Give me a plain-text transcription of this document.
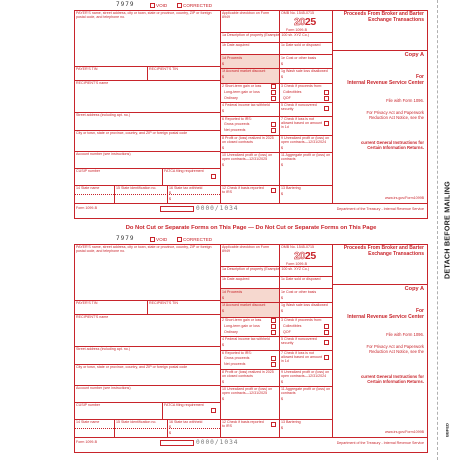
7979	VOID	CORRECTED
PAYER'S name, street address, city or town, state or province, country, ZIP or foreign postal code, and telephone no.
PAYER'S TIN	RECIPIENT'S TIN
RECIPIENT'S name
Street address (including apt. no.)
City or town, state or province, country, and ZIP or foreign postal code
Account number (see instructions)
CUSIP number	FATCA filing requirement
14 State name	15 State identification no.	16 State tax withheld
$
$
Applicable checkbox on Form 8949
OMB No. 1545-0715
2025
Form 1099-B
Proceeds From Broker and Barter Exchange Transactions
1a Description of property (Example: 100 sh. XYZ Co.)
1b Date acquired	1c Date sold or disposed
1d Proceeds
$
1e Cost or other basis
$
1f Accrued market discount
$
1g Wash sale loss disallowed
$
2 Short-term gain or loss
Long-term gain or loss
Ordinary
3 Check if proceeds from:
Collectibles
QOF
4 Federal income tax withheld
$
5 Check if noncovered security
6 Reported to IRS:
Gross proceeds
Net proceeds
7 Check if loss is not allowed based on amount in 1d
8 Profit or (loss) realized in 2025 on closed contracts
$
9 Unrealized profit or (loss) on open contracts—12/31/2024
$
10 Unrealized profit or (loss) on open contracts—12/31/2025
$
11 Aggregate profit or (loss) on contracts
$
12 Check if basis reported to IRS
13 Bartering
$
Copy A
For
Internal Revenue Service Center
File with Form 1096.
For Privacy Act and Paperwork Reduction Act Notice, see the
current General Instructions for Certain Information Returns.
www.irs.gov/Form1099B
Form 1099-B	0000/1034	Department of the Treasury - Internal Revenue Service
7979	VOID	CORRECTED
PAYER'S name, street address, city or town, state or province, country, ZIP or foreign postal code, and telephone no.
PAYER'S TIN	RECIPIENT'S TIN
RECIPIENT'S name
Street address (including apt. no.)
City or town, state or province, country, and ZIP or foreign postal code
Account number (see instructions)
CUSIP number	FATCA filing requirement
14 State name	15 State identification no.	16 State tax withheld
$
$
Applicable checkbox on Form 8949
OMB No. 1545-0715
2025
Form 1099-B
Proceeds From Broker and Barter Exchange Transactions
1a Description of property (Example: 100 sh. XYZ Co.)
1b Date acquired	1c Date sold or disposed
1d Proceeds
$
1e Cost or other basis
$
1f Accrued market discount
$
1g Wash sale loss disallowed
$
2 Short-term gain or loss
Long-term gain or loss
Ordinary
3 Check if proceeds from:
Collectibles
QOF
4 Federal income tax withheld
$
5 Check if noncovered security
6 Reported to IRS:
Gross proceeds
Net proceeds
7 Check if loss is not allowed based on amount in 1d
8 Profit or (loss) realized in 2025 on closed contracts
$
9 Unrealized profit or (loss) on open contracts—12/31/2024
$
10 Unrealized profit or (loss) on open contracts—12/31/2025
$
11 Aggregate profit or (loss) on contracts
$
12 Check if basis reported to IRS
13 Bartering
$
Copy A
For
Internal Revenue Service Center
File with Form 1096.
For Privacy Act and Paperwork Reduction Act Notice, see the
current General Instructions for Certain Information Returns.
www.irs.gov/Form1099B
Form 1099-B	0000/1034	Department of the Treasury - Internal Revenue Service
Do Not Cut or Separate Forms on This Page — Do Not Cut or Separate Forms on This Page	DETACH BEFORE MAILING
BBFED
